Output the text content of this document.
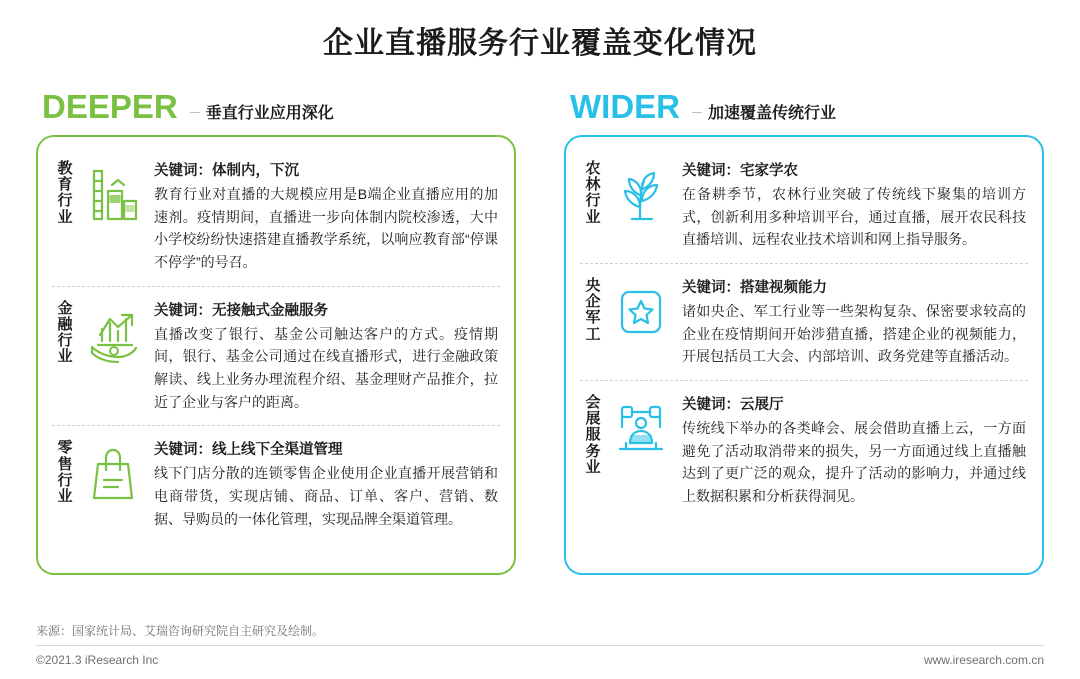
企业直播服务行业覆盖变化情况
DEEPER	垂直行业应用深化
教育行业
关键词：体制内，下沉
教育行业对直播的大规模应用是B端企业直播应用的加速剂。疫情期间，直播进一步向体制内院校渗透，大中小学校纷纷快速搭建直播教学系统，以响应教育部“停课不停学”的号召。
金融行业
关键词：无接触式金融服务
直播改变了银行、基金公司触达客户的方式。疫情期间，银行、基金公司通过在线直播形式，进行金融政策解读、线上业务办理流程介绍、基金理财产品推介，拉近了企业与客户的距离。
零售行业
关键词：线上线下全渠道管理
线下门店分散的连锁零售企业使用企业直播开展营销和电商带货，实现店铺、商品、订单、客户、营销、数据、导购员的一体化管理，实现品牌全渠道管理。
WIDER	加速覆盖传统行业
农林行业
关键词：宅家学农
在备耕季节，农林行业突破了传统线下聚集的培训方式，创新利用多种培训平台，通过直播，展开农民科技直播培训、远程农业技术培训和网上指导服务。
央企军工
关键词：搭建视频能力
诸如央企、军工行业等一些架构复杂、保密要求较高的企业在疫情期间开始涉猎直播，搭建企业的视频能力，开展包括员工大会、内部培训、政务党建等直播活动。
会展服务业
关键词：云展厅
传统线下举办的各类峰会、展会借助直播上云，一方面避免了活动取消带来的损失，另一方面通过线上直播触达到了更广泛的观众，提升了活动的影响力，并通过线上数据积累和分析获得洞见。
来源：国家统计局、艾瑞咨询研究院自主研究及绘制。
©2021.3 iResearch Inc	www.iresearch.com.cn
